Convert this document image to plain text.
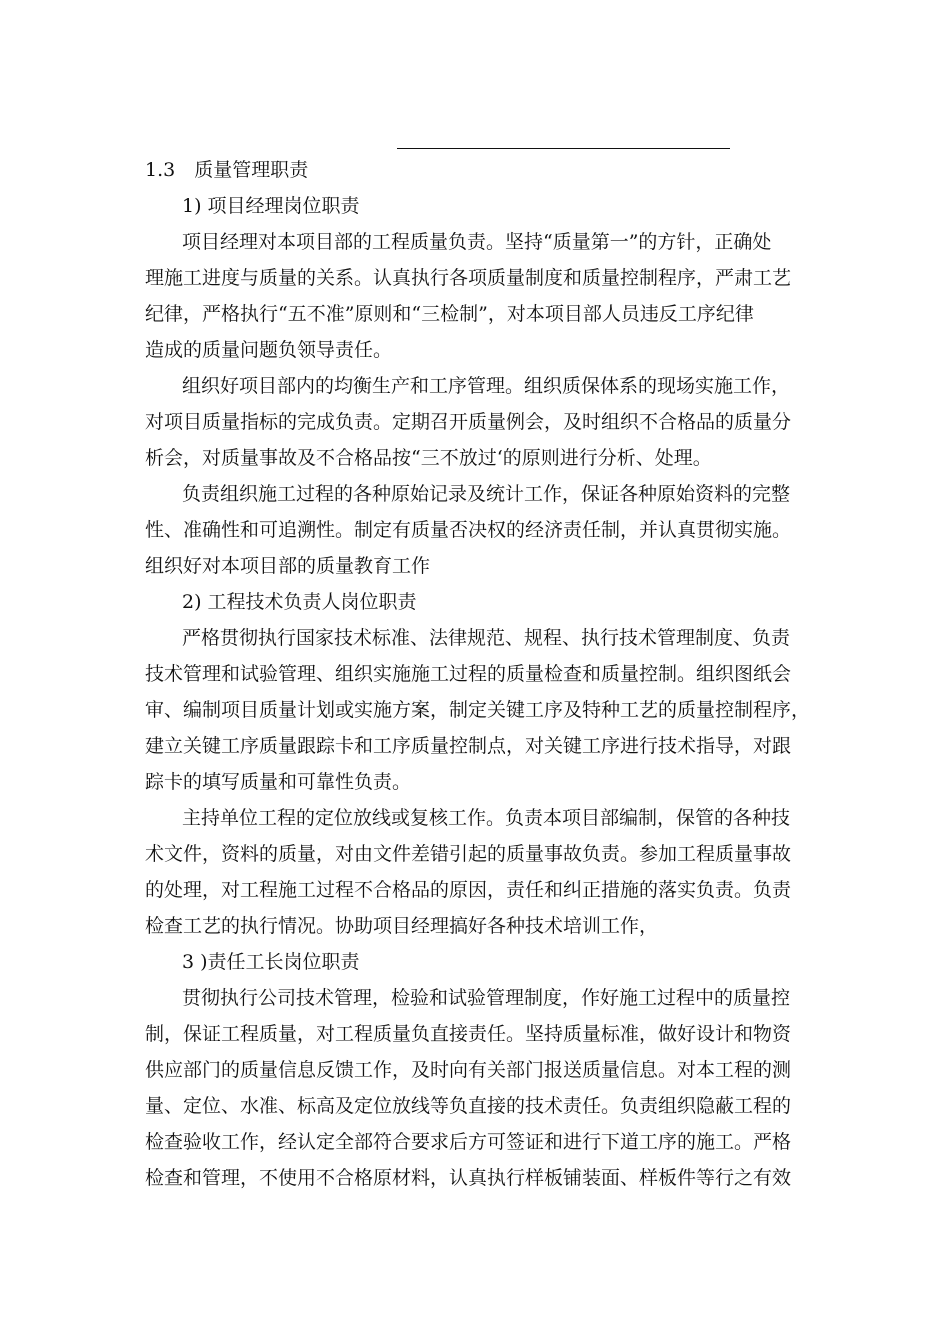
1.3　质量管理职责
1) 项目经理岗位职责
项目经理对本项目部的工程质量负责。坚持“质量第一”的方针，正确处
理施工进度与质量的关系。认真执行各项质量制度和质量控制程序，严肃工艺
纪律，严格执行“五不准”原则和“三检制”，对本项目部人员违反工序纪律
造成的质量问题负领导责任。
组织好项目部内的均衡生产和工序管理。组织质保体系的现场实施工作，
对项目质量指标的完成负责。定期召开质量例会，及时组织不合格品的质量分
析会，对质量事故及不合格品按“三不放过‘的原则进行分析、处理。
负责组织施工过程的各种原始记录及统计工作，保证各种原始资料的完整
性、准确性和可追溯性。制定有质量否决权的经济责任制，并认真贯彻实施。
组织好对本项目部的质量教育工作
2) 工程技术负责人岗位职责
严格贯彻执行国家技术标准、法律规范、规程、执行技术管理制度、负责
技术管理和试验管理、组织实施施工过程的质量检查和质量控制。组织图纸会
审、编制项目质量计划或实施方案，制定关键工序及特种工艺的质量控制程序，
建立关键工序质量跟踪卡和工序质量控制点，对关键工序进行技术指导，对跟
踪卡的填写质量和可靠性负责。
主持单位工程的定位放线或复核工作。负责本项目部编制，保管的各种技
术文件，资料的质量，对由文件差错引起的质量事故负责。参加工程质量事故
的处理，对工程施工过程不合格品的原因，责任和纠正措施的落实负责。负责
检查工艺的执行情况。协助项目经理搞好各种技术培训工作，
3 )责任工长岗位职责
贯彻执行公司技术管理，检验和试验管理制度，作好施工过程中的质量控
制，保证工程质量，对工程质量负直接责任。坚持质量标准，做好设计和物资
供应部门的质量信息反馈工作，及时向有关部门报送质量信息。对本工程的测
量、定位、水准、标高及定位放线等负直接的技术责任。负责组织隐蔽工程的
检查验收工作，经认定全部符合要求后方可签证和进行下道工序的施工。严格
检查和管理，不使用不合格原材料，认真执行样板铺装面、样板件等行之有效
